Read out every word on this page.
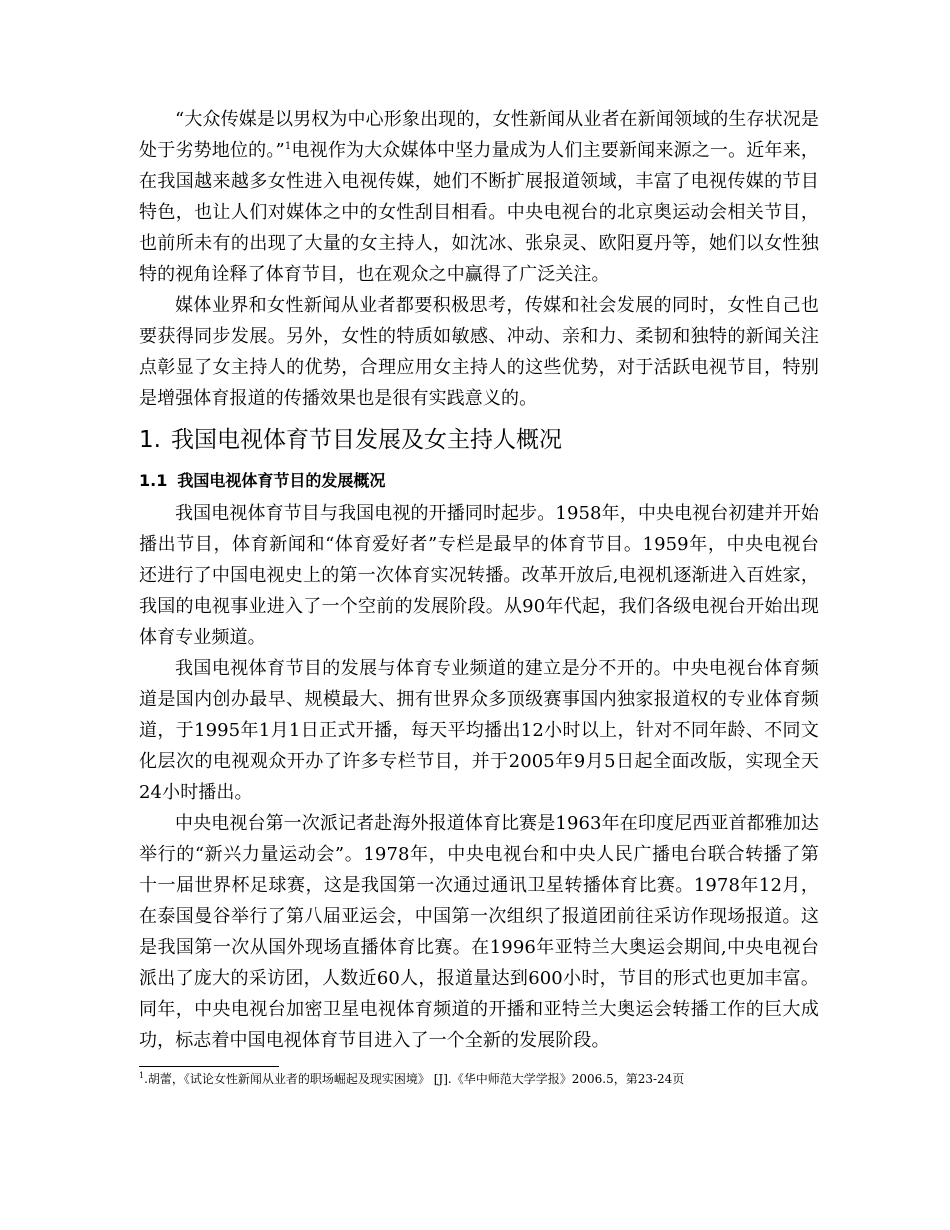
“大众传媒是以男权为中心形象出现的，女性新闻从业者在新闻领域的生存状况是处于劣势地位的。”$^1$电视作为大众媒体中坚力量成为人们主要新闻来源之一。近年来，在我国越来越多女性进入电视传媒，她们不断扩展报道领域，丰富了电视传媒的节目特色，也让人们对媒体之中的女性刮目相看。中央电视台的北京奥运动会相关节目，也前所未有的出现了大量的女主持人，如沈冰、张泉灵、欧阳夏丹等，她们以女性独特的视角诠释了体育节目，也在观众之中赢得了广泛关注。

媒体业界和女性新闻从业者都要积极思考，传媒和社会发展的同时，女性自己也要获得同步发展。另外，女性的特质如敏感、冲动、亲和力、柔韧和独特的新闻关注点彰显了女主持人的优势，合理应用女主持人的这些优势，对于活跃电视节目，特别是增强体育报道的传播效果也是很有实践意义的。

1. 我国电视体育节目发展及女主持人概况
1.1 我国电视体育节目的发展概况

我国电视体育节目与我国电视的开播同时起步。1958年，中央电视台初建并开始播出节目，体育新闻和“体育爱好者”专栏是最早的体育节目。1959年，中央电视台还进行了中国电视史上的第一次体育实况转播。改革开放后,电视机逐渐进入百姓家，我国的电视事业进入了一个空前的发展阶段。从90年代起，我们各级电视台开始出现体育专业频道。

我国电视体育节目的发展与体育专业频道的建立是分不开的。中央电视台体育频道是国内创办最早、规模最大、拥有世界众多顶级赛事国内独家报道权的专业体育频道，于1995年1月1日正式开播，每天平均播出12小时以上，针对不同年龄、不同文化层次的电视观众开办了许多专栏节目，并于2005年9月5日起全面改版，实现全天24小时播出。

中央电视台第一次派记者赴海外报道体育比赛是1963年在印度尼西亚首都雅加达举行的“新兴力量运动会”。1978年，中央电视台和中央人民广播电台联合转播了第十一届世界杯足球赛，这是我国第一次通过通讯卫星转播体育比赛。1978年12月，在泰国曼谷举行了第八届亚运会，中国第一次组织了报道团前往采访作现场报道。这是我国第一次从国外现场直播体育比赛。在1996年亚特兰大奥运会期间,中央电视台派出了庞大的采访团，人数近60人，报道量达到600小时，节目的形式也更加丰富。同年，中央电视台加密卫星电视体育频道的开播和亚特兰大奥运会转播工作的巨大成功，标志着中国电视体育节目进入了一个全新的发展阶段。

$^1$.胡蕾，《试论女性新闻从业者的职场崛起及现实困境》 [J].《华中师范大学学报》2006.5，第23-24页
